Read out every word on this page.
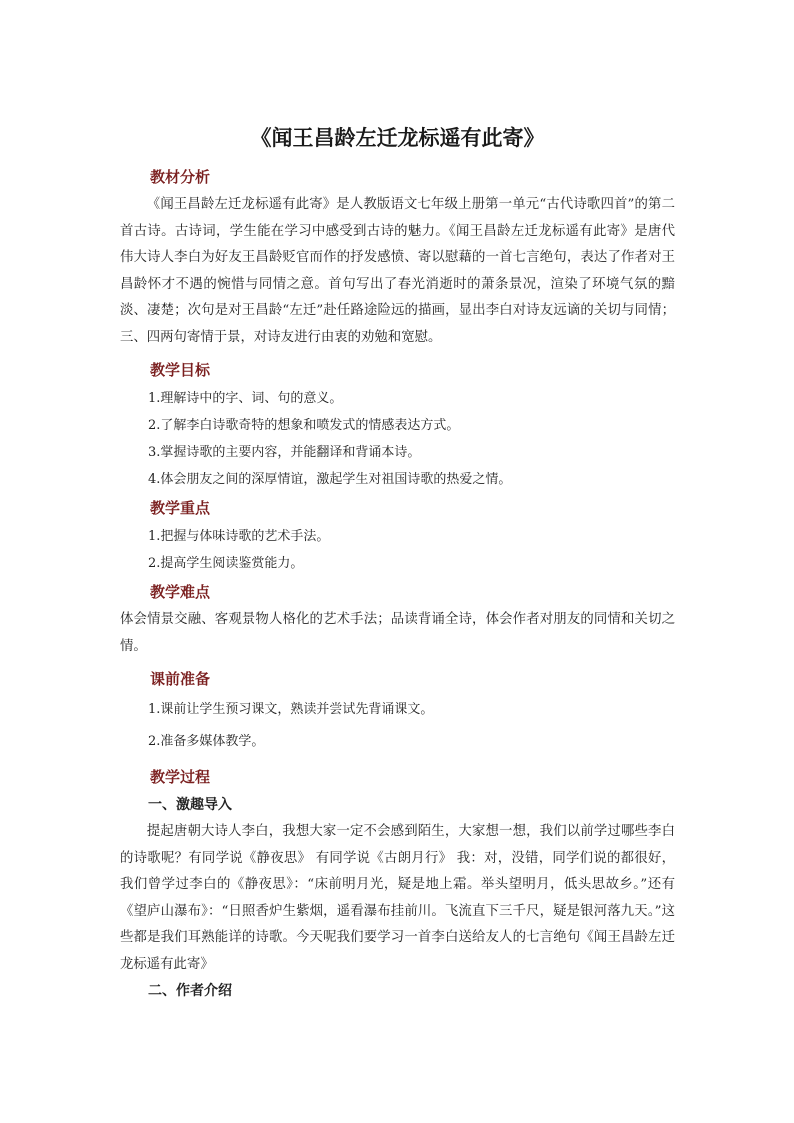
《闻王昌龄左迁龙标遥有此寄》
教材分析

《闻王昌龄左迁龙标遥有此寄》是人教版语文七年级上册第一单元“古代诗歌四首”的第二首古诗。古诗词，学生能在学习中感受到古诗的魅力。《闻王昌龄左迁龙标遥有此寄》是唐代伟大诗人李白为好友王昌龄贬官而作的抒发感愤、寄以慰藉的一首七言绝句，表达了作者对王昌龄怀才不遇的惋惜与同情之意。首句写出了春光消逝时的萧条景况，渲染了环境气氛的黯淡、凄楚；次句是对王昌龄“左迁”赴任路途险远的描画，显出李白对诗友远谪的关切与同情；三、四两句寄情于景，对诗友进行由衷的劝勉和宽慰。

教学目标
1.理解诗中的字、词、句的意义。
2.了解李白诗歌奇特的想象和喷发式的情感表达方式。
3.掌握诗歌的主要内容，并能翻译和背诵本诗。
4.体会朋友之间的深厚情谊，激起学生对祖国诗歌的热爱之情。
教学重点
1.把握与体味诗歌的艺术手法。
2.提高学生阅读鉴赏能力。
教学难点

体会情景交融、客观景物人格化的艺术手法；品读背诵全诗，体会作者对朋友的同情和关切之情。

课前准备
1.课前让学生预习课文，熟读并尝试先背诵课文。
2.准备多媒体教学。
教学过程
一、激趣导入

提起唐朝大诗人李白，我想大家一定不会感到陌生，大家想一想，我们以前学过哪些李白的诗歌呢？有同学说《静夜思》 有同学说《古朗月行》 我：对，没错，同学们说的都很好，我们曾学过李白的《静夜思》：“床前明月光，疑是地上霜。举头望明月，低头思故乡。”还有《望庐山瀑布》：“日照香炉生紫烟，遥看瀑布挂前川。飞流直下三千尺，疑是银河落九天。”这些都是我们耳熟能详的诗歌。今天呢我们要学习一首李白送给友人的七言绝句《闻王昌龄左迁龙标遥有此寄》

二、作者介绍
